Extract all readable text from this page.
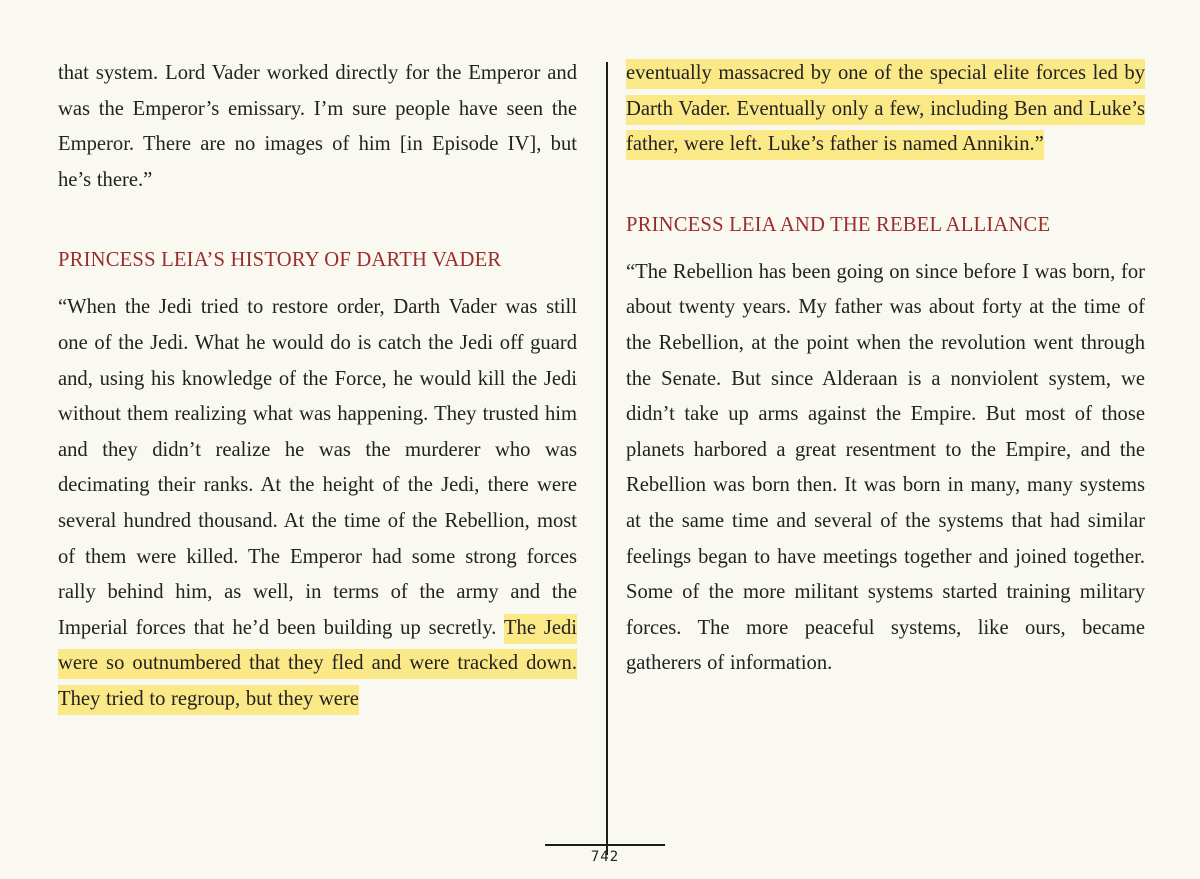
that system. Lord Vader worked directly for the Emperor and was the Emperor’s emissary. I’m sure people have seen the Emperor. There are no images of him [in Episode IV], but he’s there.”

PRINCESS LEIA’S HISTORY OF DARTH VADER

“When the Jedi tried to restore order, Darth Vader was still one of the Jedi. What he would do is catch the Jedi off guard and, using his knowledge of the Force, he would kill the Jedi without them realizing what was happening. They trusted him and they didn’t realize he was the murderer who was decimating their ranks. At the height of the Jedi, there were several hundred thousand. At the time of the Rebellion, most of them were killed. The Emperor had some strong forces rally behind him, as well, in terms of the army and the Imperial forces that he’d been building up secretly. The Jedi were so outnumbered that they fled and were tracked down. They tried to regroup, but they were

eventually massacred by one of the special elite forces led by Darth Vader. Eventually only a few, including Ben and Luke’s father, were left. Luke’s father is named Annikin.”

PRINCESS LEIA AND THE REBEL ALLIANCE

“The Rebellion has been going on since before I was born, for about twenty years. My father was about forty at the time of the Rebellion, at the point when the revolution went through the Senate. But since Alderaan is a nonviolent system, we didn’t take up arms against the Empire. But most of those planets harbored a great resentment to the Empire, and the Rebellion was born then. It was born in many, many systems at the same time and several of the systems that had similar feelings began to have meetings together and joined together. Some of the more militant systems started training military forces. The more peaceful systems, like ours, became gatherers of information.

742
